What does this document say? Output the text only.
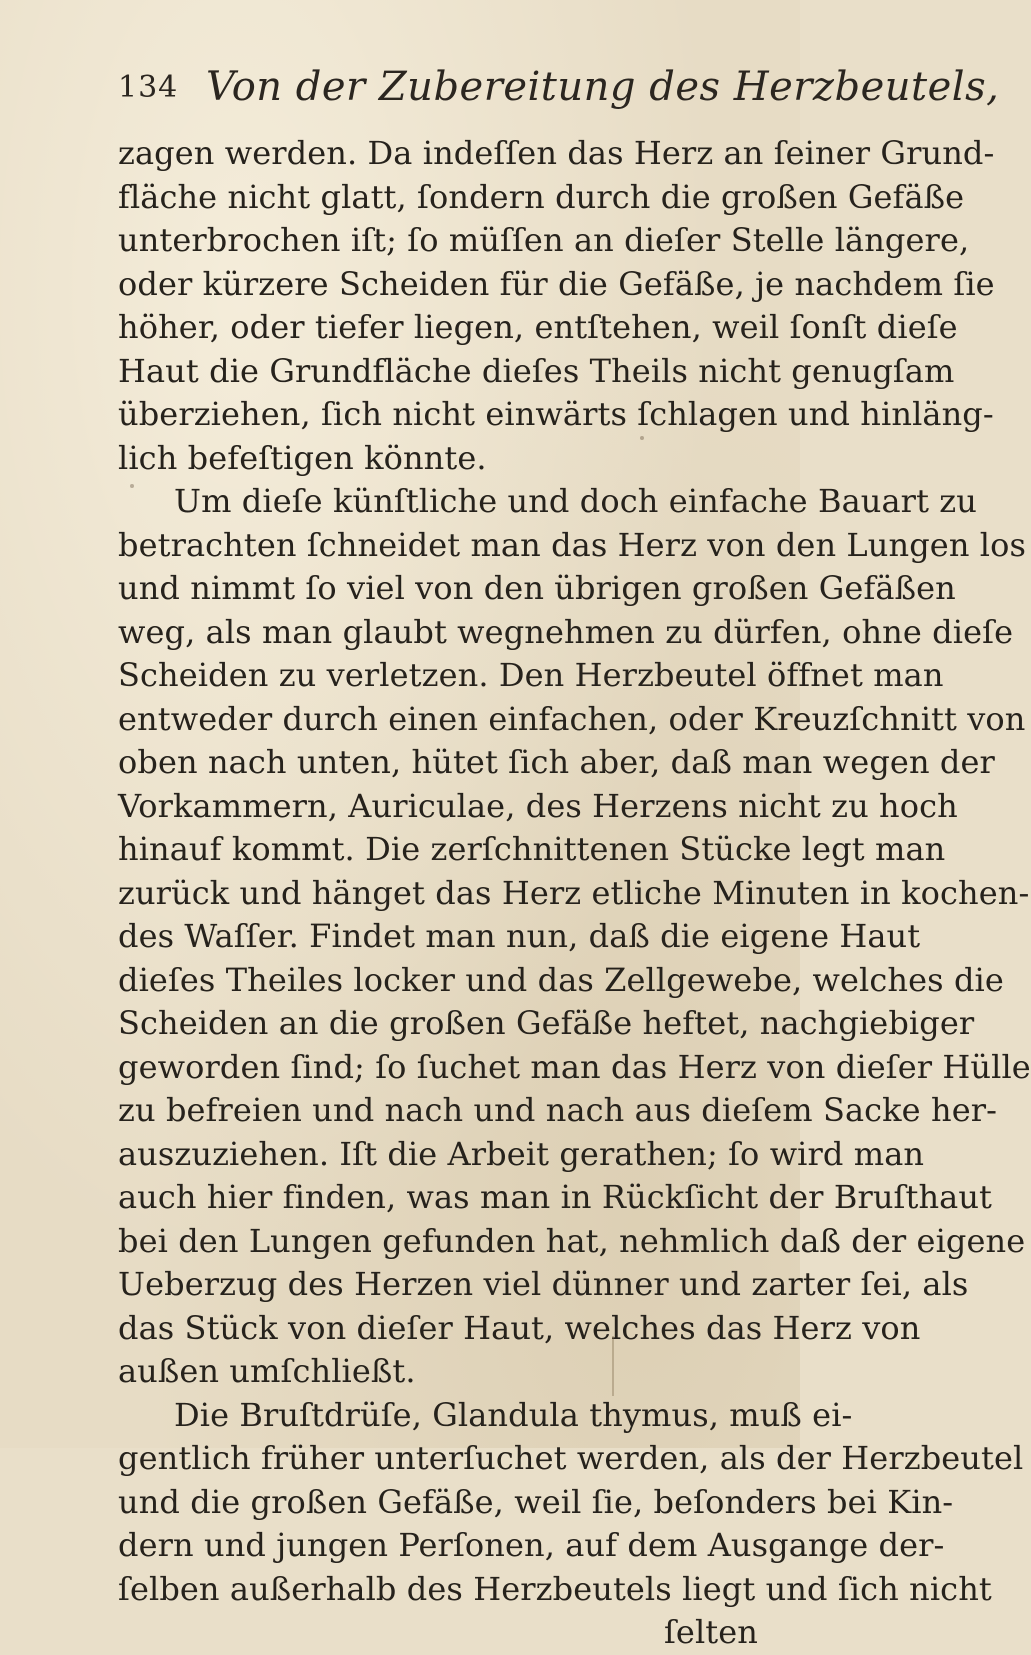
134 Von der Zubereitung des Herzbeutels,
zagen werden. Da indeſſen das Herz an ſeiner Grund-
fläche nicht glatt, ſondern durch die großen Gefäße
unterbrochen iſt; ſo müſſen an dieſer Stelle längere,
oder kürzere Scheiden für die Gefäße, je nachdem ſie
höher, oder tiefer liegen, entſtehen, weil ſonſt dieſe
Haut die Grundfläche dieſes Theils nicht genugſam
überziehen, ſich nicht einwärts ſchlagen und hinläng-
lich befeſtigen könnte.
Um dieſe künſtliche und doch einfache Bauart zu
betrachten ſchneidet man das Herz von den Lungen los
und nimmt ſo viel von den übrigen großen Gefäßen
weg, als man glaubt wegnehmen zu dürfen, ohne dieſe
Scheiden zu verletzen. Den Herzbeutel öffnet man
entweder durch einen einfachen, oder Kreuzſchnitt von
oben nach unten, hütet ſich aber, daß man wegen der
Vorkammern, Auriculae, des Herzens nicht zu hoch
hinauf kommt. Die zerſchnittenen Stücke legt man
zurück und hänget das Herz etliche Minuten in kochen-
des Waſſer. Findet man nun, daß die eigene Haut
dieſes Theiles locker und das Zellgewebe, welches die
Scheiden an die großen Gefäße heftet, nachgiebiger
geworden ſind; ſo ſuchet man das Herz von dieſer Hülle
zu befreien und nach und nach aus dieſem Sacke her-
auszuziehen. Iſt die Arbeit gerathen; ſo wird man
auch hier finden, was man in Rückſicht der Bruſthaut
bei den Lungen gefunden hat, nehmlich daß der eigene
Ueberzug des Herzen viel dünner und zarter ſei, als
das Stück von dieſer Haut, welches das Herz von
außen umſchließt.
Die Bruſtdrüſe, Glandula thymus, muß ei-
gentlich früher unterſuchet werden, als der Herzbeutel
und die großen Gefäße, weil ſie, beſonders bei Kin-
dern und jungen Perſonen, auf dem Ausgange der-
ſelben außerhalb des Herzbeutels liegt und ſich nicht
ſelten
